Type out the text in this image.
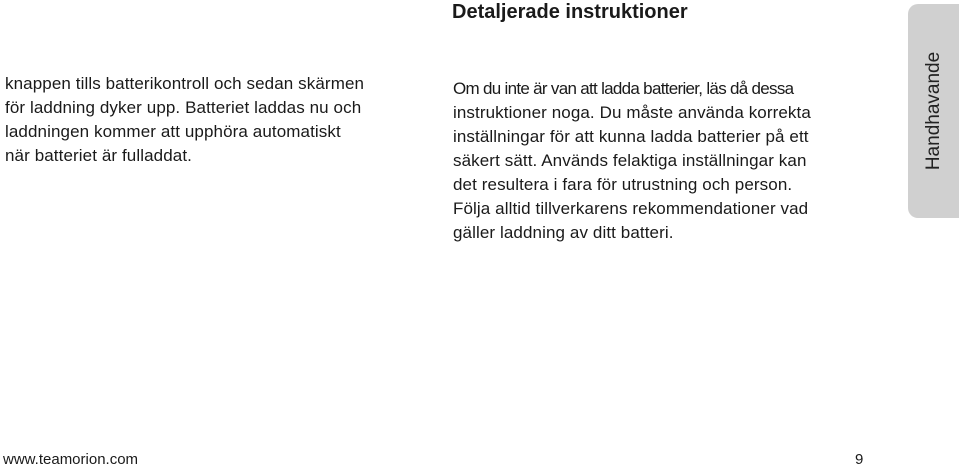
Detaljerade instruktioner
Handhavande

knappen tills batterikontroll och sedan skärmen
för laddning dyker upp. Batteriet laddas nu och
laddningen kommer att upphöra automatiskt
när batteriet är fulladdat.

Om du inte är van att ladda batterier, läs då dessa
instruktioner noga. Du måste använda korrekta
inställningar för att kunna ladda batterier på ett
säkert sätt. Används felaktiga inställningar kan
det resultera i fara för utrustning och person.
Följa alltid tillverkarens rekommendationer vad
gäller laddning av ditt batteri.

www.teamorion.com	9
